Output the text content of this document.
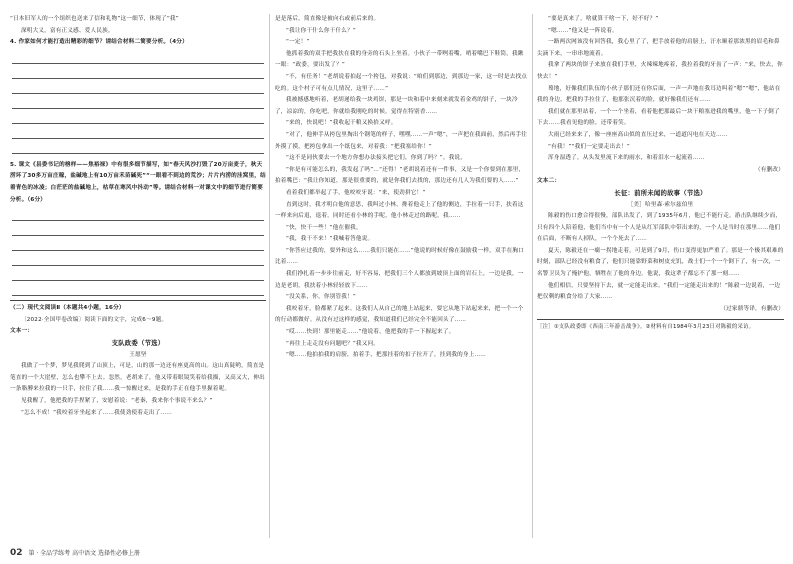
“日本旧军人的一个组织也送来了信和礼物”这一细节，体现了“我”

深明大义，富有正义感、爱人民族。

4. 作家如何才能打造出精彩的细节？请结合材料二简要分析。（4分）

5. 课文《县委书记的榜样——焦裕禄》中有很多细节描写，如“春天风沙打毁了20万亩麦子，秋天涝坏了30多万亩庄稼，盐碱地上有10万亩禾苗碱死”“一眼看不到边的荒沙；片片内涝的洼窝里，结着青色的冰凌；白茫茫的盐碱地上，枯草在寒风中抖动”等。请结合材料一对课文中的细节进行简要分析。（6分）

（二）现代文阅读Ⅱ（本题共4小题，16分）

〔2022·全国甲卷改编〕阅读下面的文字，完成6～9题。

文本一：

支队政委（节选）

王愿坚

我做了一个梦，梦见我爬到了山顶上，可是，山的那一边还有座更高的山。这山真陡哟，简直是笔直的一个大崖壁，怎么也攀不上去。忽然，老胡来了，他又带着眼镜笑着给我描，又高又大，伸出一条胳膊来拉我的一只手，拉住了我……我一惊醒过来，是我的手正在他手里握着呢。

见我醒了，他把我的手捏紧了，安慰着说：“老秦，我来你个事说不来么？”

“怎么不成！”我咬着牙坐起来了……我使劲使着走出了……

是是落后，简直像是被向右或前后来的。

“我让你干什么你干什么？”

“一定！”

他抓着我的双手把我扶在我的身旁的石头上坐着。小伙子一带咧着嘴，哨着嘴巴下鞋筒，我瞅一眼：“政委，要出发了？”

“不，有任务！”老胡说着拍起一个挎包，对我说：“咱们到那边，到那边一家，这一时是去找点吃的。这个村子可有点儿情况，这里子……”

我被撼感地听着，老胡递给我一块鸡饼，那是一块和着中来刻来就发着金鸡的饼子，一块冷了，凉凉的，你吃吧，你就给我刚吃的时候，觉得在特别香……

“来的，快说吧！”我收起干粮又换拾又呼。

“对了，他伸手从挎包里掏出个钢笔的样子，嘿嘿……一声“嗯”，一声把在我面前，然后再手往外摸了摸，把挎包拿出一个纸包来，对着我：“把我塞给你！”

“这不是同伙要去一个地方你想办法接头把它们，你到了吗？”。我说，

“你是有可能怎么的，我发起了吗”…“还得！”老胡说着还有一件事，又是一个你要到在那里，拍着嘴巴：“我让你知道，那是很重要的，就是你我们去找的，那边还有几人为我们要的人……”

看着我们都举起了手，他咬咬牙说：“来，使劲拼它！”

直到这时，我才明白他的意思，我叫过小林，搀着他走上了他的侧边，手拉着一只手，扶着这一样来向后退，退着，同时还看小林的手呢，他小林走过的路呢。我……

“快，快干一些！”他在催我。

“我，我干不来！”我喊着答他说。

“你答应过我的，要外和这么……我们只能在……”他说的时候好像在鼓励我一样，双手在胸口比着……

我们挣扎着一步步往前走，好不容易，把我们三个人都放到坡顶上面的岩石上，一边是我，一边是老胡，我扶着小林轻轻放下……

“没关系，你，你别管我！”

我咬着牙，脸都紧了起来。这我们人从自己的地上站起来，要它从地下站起来来，把一个一个的行动都做好。从没有过这样的感觉，我知道我们已经完全不能回头了……

“哎……快到！那里能走……”他说着，他把我的手一下握起来了。

“再往上走走没有问题吧？”我又问。

“嗯……他拍拍我的肩膀，拍着手，把那挂着的扣子拉开了，挂到我的身上……

“要是真来了，啥就算干啥一下，好不好？”

“嗯……”他又是一阵说着。

一路两次网该没有回答我，我心里了了，把手放着他的肩膀上，汗水顺着那浓黑的眉毛和鼻尖滴下来，一串串地流着。

我拿了两块的饼子来放在我们手里，火辣辣地疼着，我拉着我的牙齿了一声：“来，快去，你快去！”

蓦地，好像我们队伍的小伙子那们还在你后面，一声一声地在我耳边叫着“嗯”“嗯”，他站在我的身边，把我的手拉住了，他那张沉着的脸，就好像我们还有……

我们就在那里站着，一个一个坐着，看着他把那最后一块干粮塞进我的嘴里，他一下子倒了下去……我看见他的脸，还带着笑。

大雨已经来来了，像一座座高山似的直压过来，一道道闪电在天边……

“有我！”“我们一定要走出去！”

浑身湿透了，从头发里流下来的雨水，和着泪水一起流着……

（有删改）

文本二：

长征：前所未闻的故事（节选）

［美］哈里森·索尔兹伯里

陈毅的伤口愈合得很慢，部队出发了，到了1935年6月，他已不能行走。游击队继续少而，只有四个人陪着他，他们当中有一个人是从红军部队中带出来的，一个人是当时在那里……他们在后面，不断有人掉队，一个个死去了……

夏天，陈毅还在一瘸一拐地走着，可是到了9月，伤口变得更加严重了。那是一个极其艰难的时刻，部队已经没有粮食了，他们只能靠野菜和树皮充饥，战士们一个一个倒下了，有一次，一名警卫员为了掩护他，牺牲在了他的身边。他说，我这辈子都忘不了那一刻……

他们相信，只要坚持下去，就一定能走出来。“我们一定能走出来的！”陈毅一边说着，一边把仅剩的粮食分给了大家……

（过家鼎等译，有删改）

［注］①支队政委即《西南三年游击战争》。②材料有自1984年3月23日对陈毅的采访。

02 第 · 全品学练考 高中语文 选择性必修上册
